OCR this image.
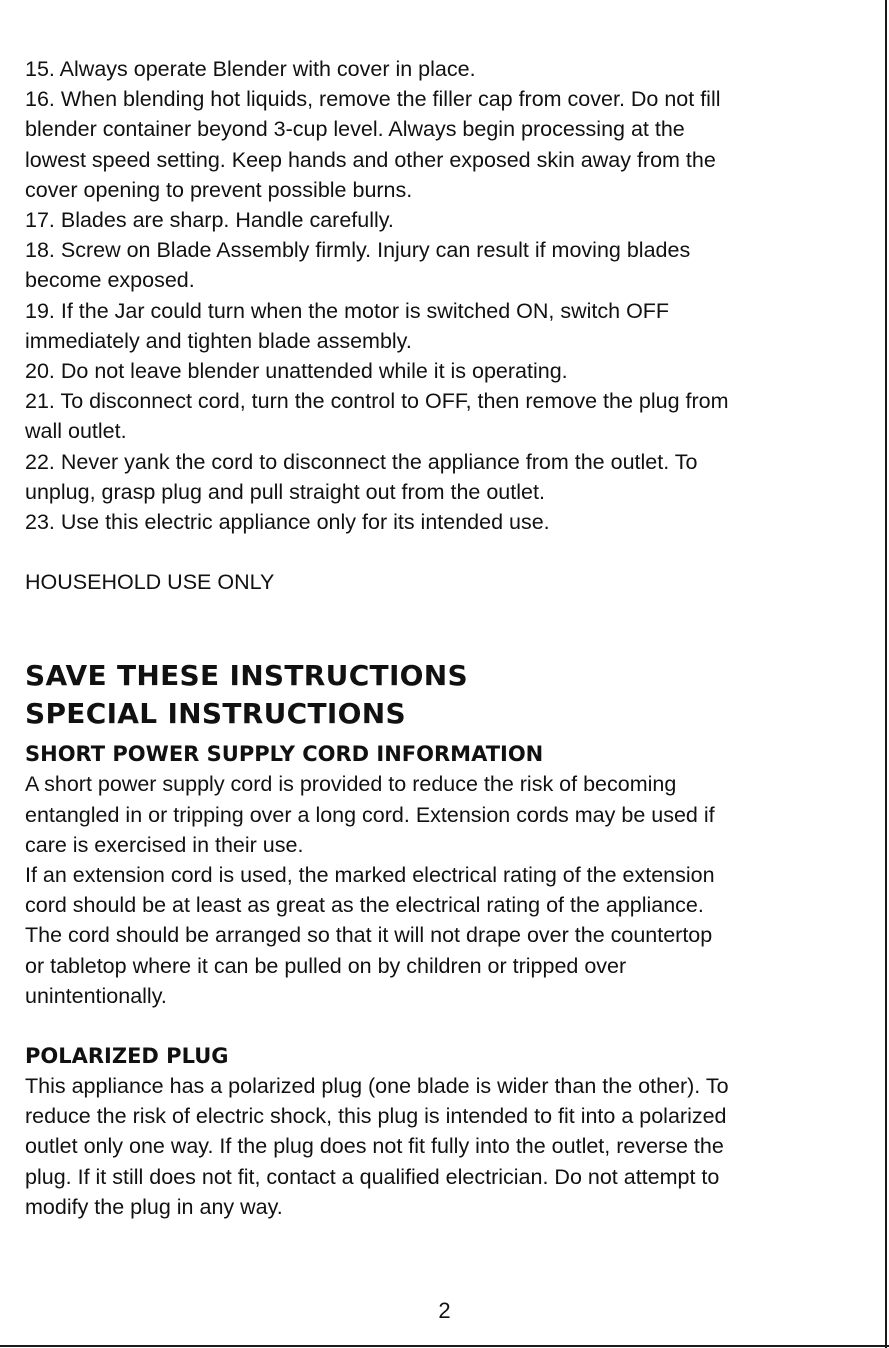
15. Always operate Blender with cover in place.

16. When blending hot liquids, remove the filler cap from cover. Do not fill

blender container beyond 3-cup level. Always begin processing at the

lowest speed setting. Keep hands and other exposed skin away from the

cover opening to prevent possible burns.

17. Blades are sharp. Handle carefully.

18. Screw on Blade Assembly firmly. Injury can result if moving blades

become exposed.

19. If the Jar could turn when the motor is switched ON, switch OFF

immediately and tighten blade assembly.

20. Do not leave blender unattended while it is operating.

21. To disconnect cord, turn the control to OFF, then remove the plug from

wall outlet.

22. Never yank the cord to disconnect the appliance from the outlet. To

unplug, grasp plug and pull straight out from the outlet.

23. Use this electric appliance only for its intended use.

HOUSEHOLD USE ONLY

SAVE THESE INSTRUCTIONS
SPECIAL INSTRUCTIONS
SHORT POWER SUPPLY CORD INFORMATION

A short power supply cord is provided to reduce the risk of becoming

entangled in or tripping over a long cord. Extension cords may be used if

care is exercised in their use.

If an extension cord is used, the marked electrical rating of the extension

cord should be at least as great as the electrical rating of the appliance.

The cord should be arranged so that it will not drape over the countertop

or tabletop where it can be pulled on by children or tripped over

unintentionally.

POLARIZED PLUG

This appliance has a polarized plug (one blade is wider than the other). To

reduce the risk of electric shock, this plug is intended to fit into a polarized

outlet only one way. If the plug does not fit fully into the outlet, reverse the

plug. If it still does not fit, contact a qualified electrician. Do not attempt to

modify the plug in any way.

2
